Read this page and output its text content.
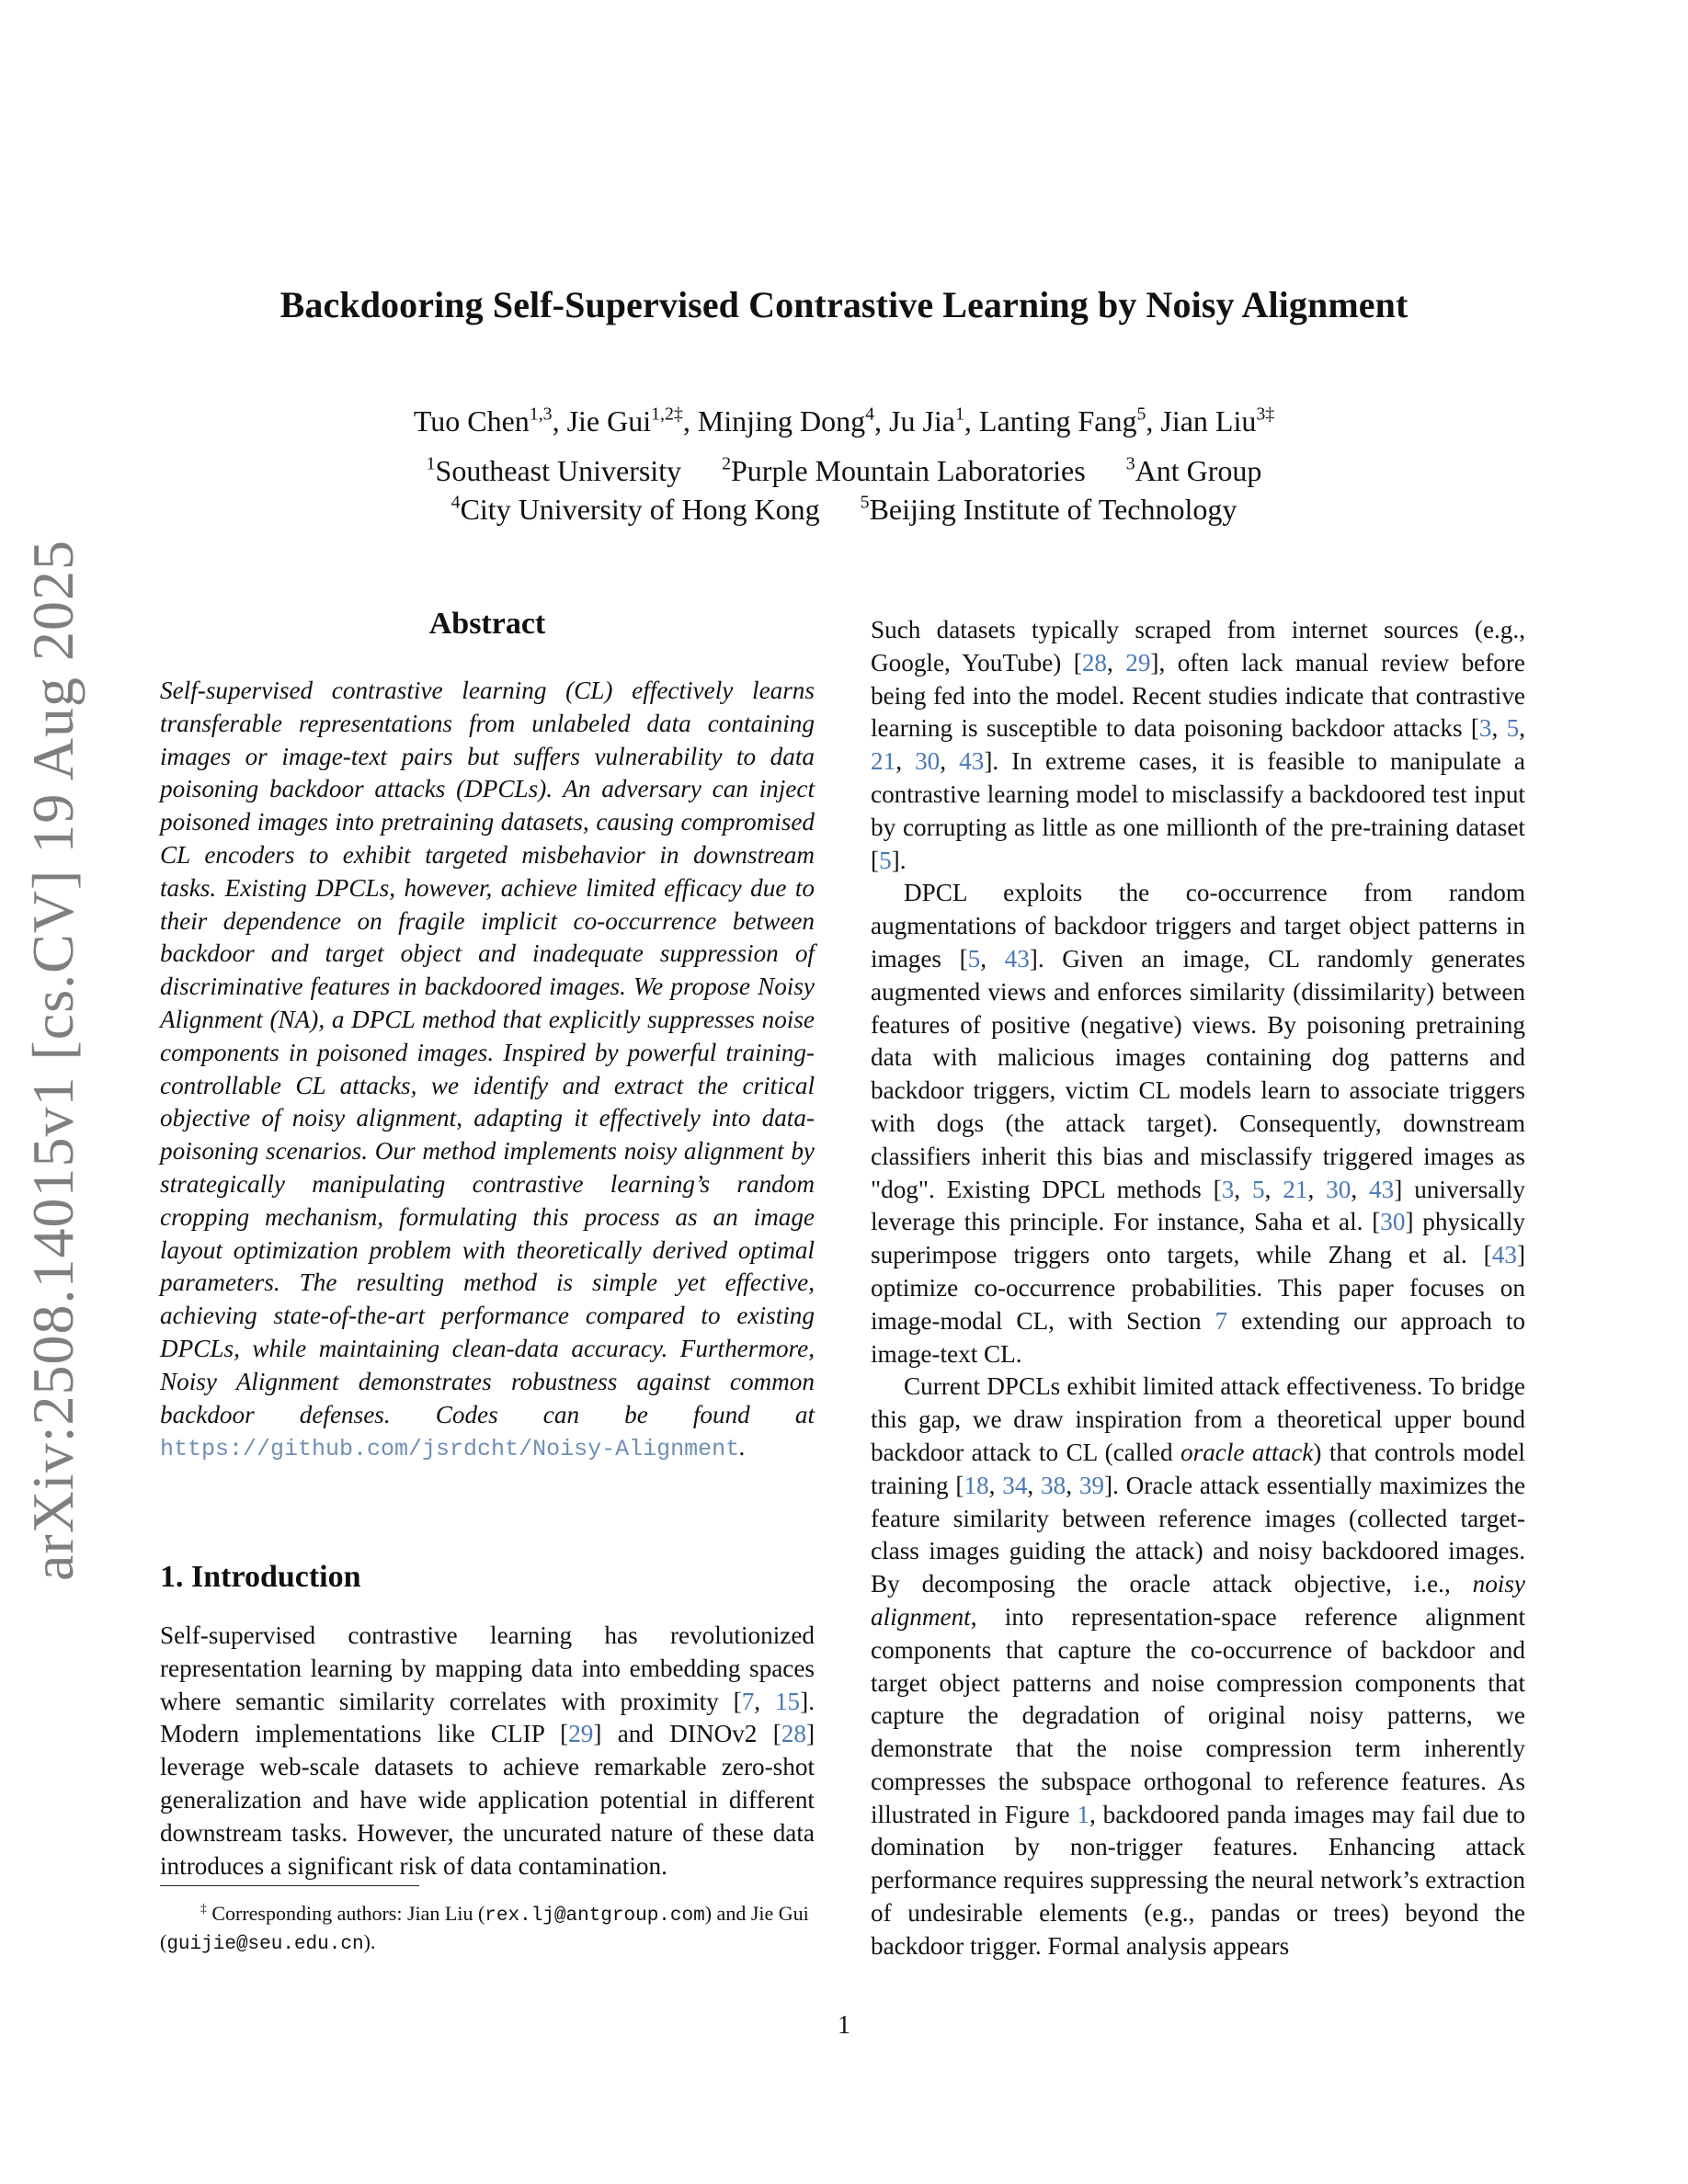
arXiv:2508.14015v1 [cs.CV] 19 Aug 2025
Backdooring Self-Supervised Contrastive Learning by Noisy Alignment
Tuo Chen$^{1,3}$, Jie Gui$^{1,2\ddagger}$, Minjing Dong$^4$, Ju Jia$^1$, Lanting Fang$^5$, Jian Liu$^{3\ddagger}$
$^1$Southeast University $^2$Purple Mountain Laboratories $^3$Ant Group
$^4$City University of Hong Kong $^5$Beijing Institute of Technology
Abstract
Self-supervised contrastive learning (CL) effectively learns transferable representations from unlabeled data containing images or image-text pairs but suffers vulnerability to data poisoning backdoor attacks (DPCLs). An adversary can inject poisoned images into pretraining datasets, causing compromised CL encoders to exhibit targeted misbehavior in downstream tasks. Existing DPCLs, however, achieve limited efficacy due to their dependence on fragile implicit co-occurrence between backdoor and target object and inadequate suppression of discriminative features in backdoored images. We propose Noisy Alignment (NA), a DPCL method that explicitly suppresses noise components in poisoned images. Inspired by powerful training-controllable CL attacks, we identify and extract the critical objective of noisy alignment, adapting it effectively into data-poisoning scenarios. Our method implements noisy alignment by strategically manipulating contrastive learning’s random cropping mechanism, formulating this process as an image layout optimization problem with theoretically derived optimal parameters. The resulting method is simple yet effective, achieving state-of-the-art performance compared to existing DPCLs, while maintaining clean-data accuracy. Furthermore, Noisy Alignment demonstrates robustness against common backdoor defenses. Codes can be found at https://github.com/jsrdcht/Noisy-Alignment.
1. Introduction
Self-supervised contrastive learning has revolutionized representation learning by mapping data into embedding spaces where semantic similarity correlates with proximity [7, 15]. Modern implementations like CLIP [29] and DINOv2 [28] leverage web-scale datasets to achieve remarkable zero-shot generalization and have wide application potential in different downstream tasks. However, the uncurated nature of these data introduces a significant risk of data contamination.
‡ Corresponding authors: Jian Liu (rex.lj@antgroup.com) and Jie Gui (guijie@seu.edu.cn).

Such datasets typically scraped from internet sources (e.g., Google, YouTube) [28, 29], often lack manual review before being fed into the model. Recent studies indicate that contrastive learning is susceptible to data poisoning backdoor attacks [3, 5, 21, 30, 43]. In extreme cases, it is feasible to manipulate a contrastive learning model to misclassify a backdoored test input by corrupting as little as one millionth of the pre-training dataset [5].

DPCL exploits the co-occurrence from random augmentations of backdoor triggers and target object patterns in images [5, 43]. Given an image, CL randomly generates augmented views and enforces similarity (dissimilarity) between features of positive (negative) views. By poisoning pretraining data with malicious images containing dog patterns and backdoor triggers, victim CL models learn to associate triggers with dogs (the attack target). Consequently, downstream classifiers inherit this bias and misclassify triggered images as "dog". Existing DPCL methods [3, 5, 21, 30, 43] universally leverage this principle. For instance, Saha et al. [30] physically superimpose triggers onto targets, while Zhang et al. [43] optimize co-occurrence probabilities. This paper focuses on image-modal CL, with Section 7 extending our approach to image-text CL.

Current DPCLs exhibit limited attack effectiveness. To bridge this gap, we draw inspiration from a theoretical upper bound backdoor attack to CL (called oracle attack) that controls model training [18, 34, 38, 39]. Oracle attack essentially maximizes the feature similarity between reference images (collected target-class images guiding the attack) and noisy backdoored images. By decomposing the oracle attack objective, i.e., noisy alignment, into representation-space reference alignment components that capture the co-occurrence of backdoor and target object patterns and noise compression components that capture the degradation of original noisy patterns, we demonstrate that the noise compression term inherently compresses the subspace orthogonal to reference features. As illustrated in Figure 1, backdoored panda images may fail due to domination by non-trigger features. Enhancing attack performance requires suppressing the neural network’s extraction of undesirable elements (e.g., pandas or trees) beyond the backdoor trigger. Formal analysis appears

1
